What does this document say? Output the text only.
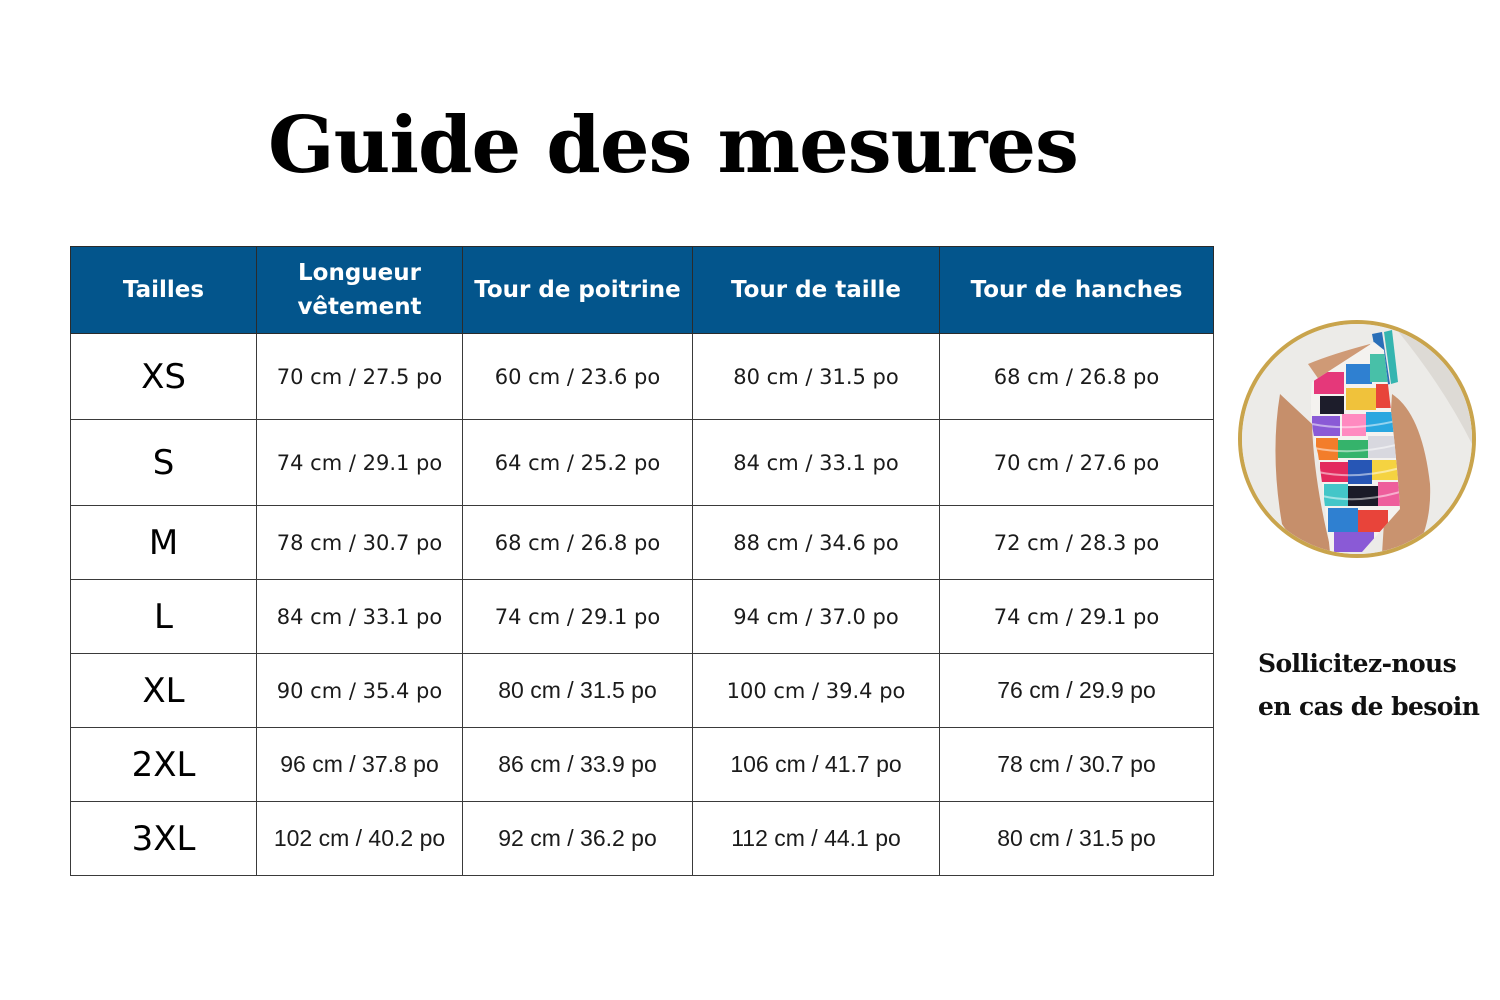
Guide des mesures
Tailles	Longueur vêtement	Tour de poitrine	Tour de taille	Tour de hanches

XS	70 cm / 27.5 po	60 cm / 23.6 po	80 cm / 31.5 po	68 cm / 26.8 po
S	74 cm / 29.1 po	64 cm / 25.2 po	84 cm / 33.1 po	70 cm / 27.6 po
M	78 cm / 30.7 po	68 cm / 26.8 po	88 cm / 34.6 po	72 cm / 28.3 po
L	84 cm / 33.1 po	74 cm / 29.1 po	94 cm / 37.0 po	74 cm / 29.1 po
XL	90 cm / 35.4 po	80 cm / 31.5 po	100 cm / 39.4 po	76 cm / 29.9 po
2XL	96 cm / 37.8 po	86 cm / 33.9 po	106 cm / 41.7 po	78 cm / 30.7 po
3XL	102 cm / 40.2 po	92 cm / 36.2 po	112 cm / 44.1 po	80 cm / 31.5 po
Sollicitez-nous
en cas de besoin
